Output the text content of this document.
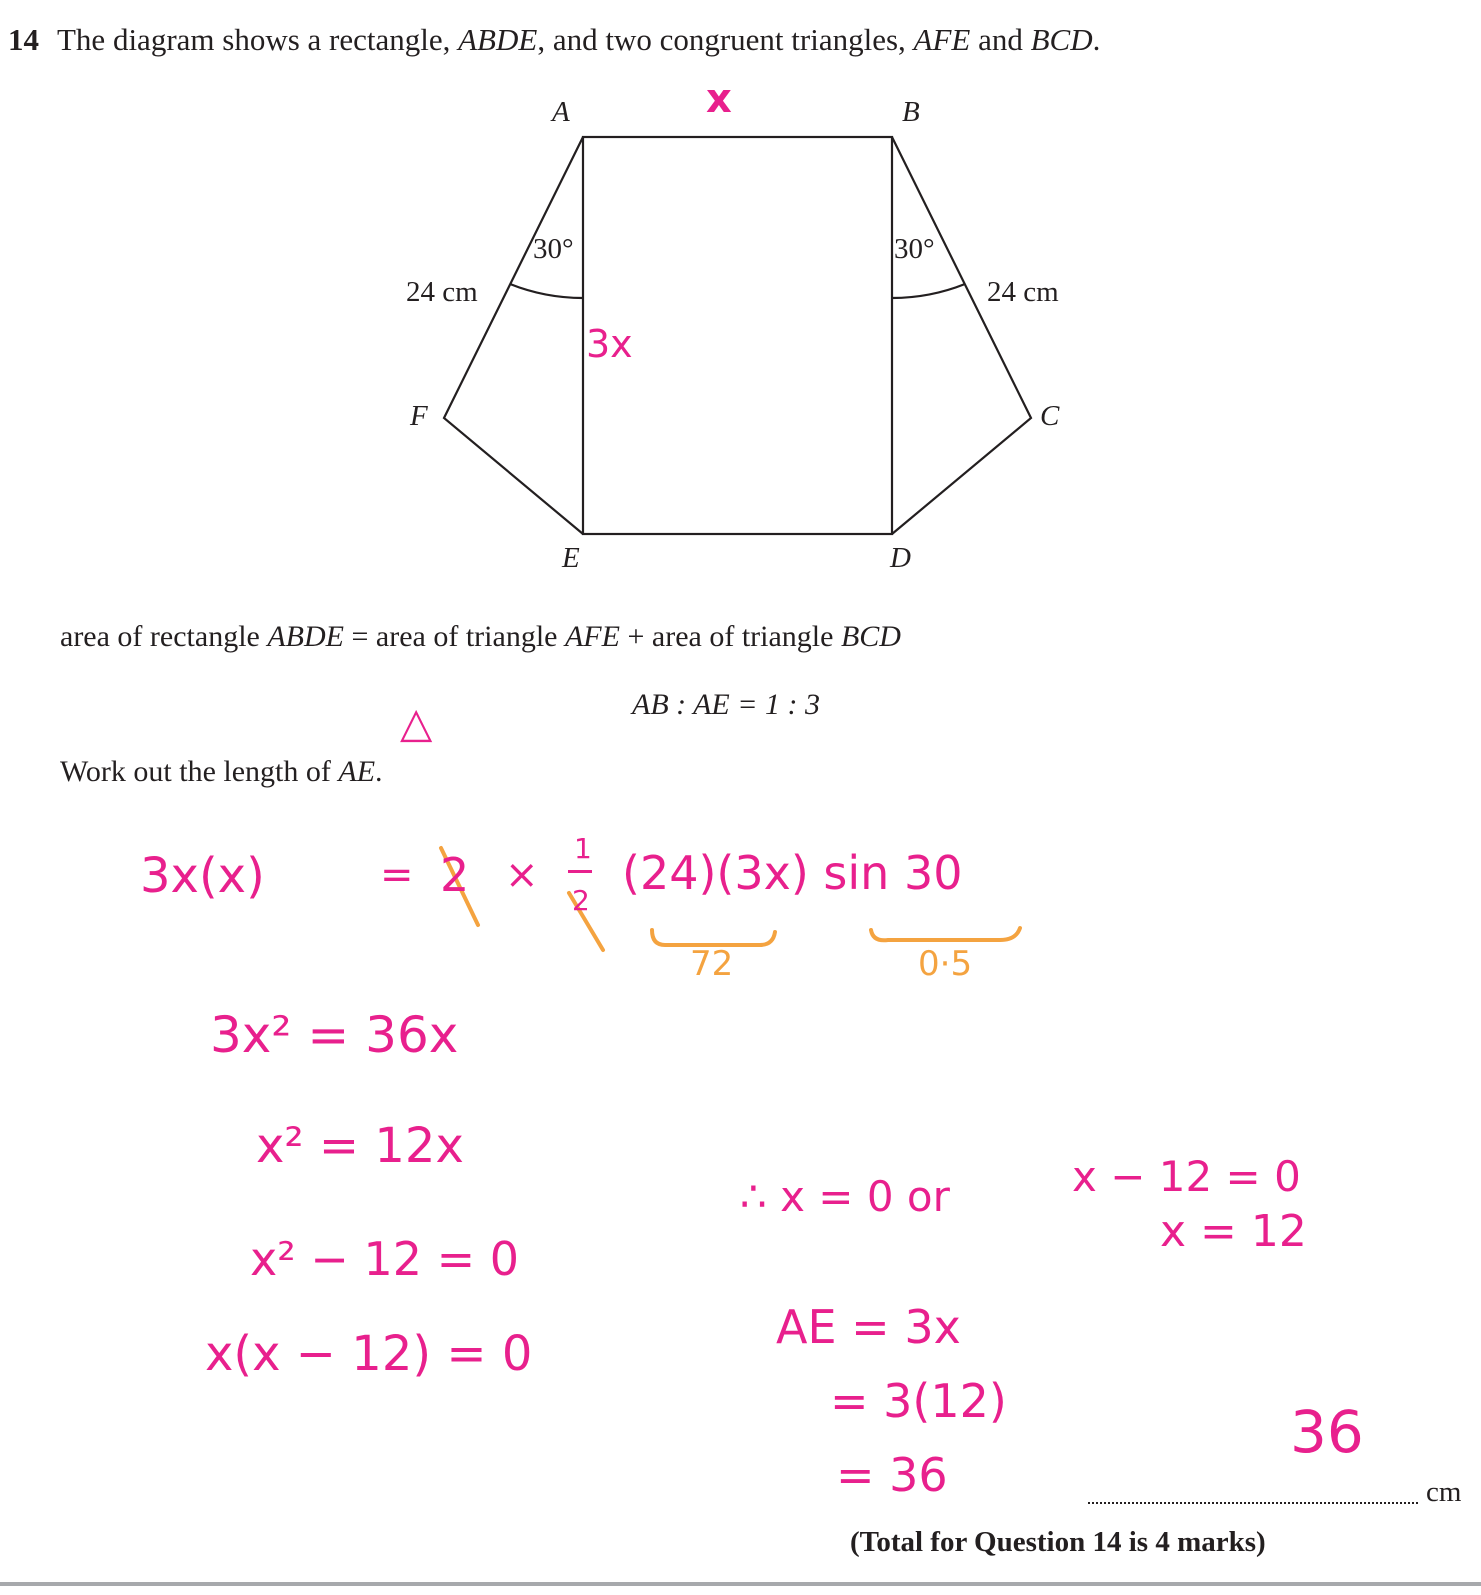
14 The diagram shows a rectangle, ABDE, and two congruent triangles, AFE and BCD.
A	B
C
D
E
F
30°	30°
24 cm	24 cm
x
3x
area of rectangle ABDE = area of triangle AFE + area of triangle BCD
AB : AE = 1 : 3
△
Work out the length of AE.
3x(x)	= 2 ×
1
2
(24)(3x) sin 30
72	0·5
3x² = 36x
x² = 12x
x² − 12 = 0
x(x − 12) = 0
∴ x = 0 or	x − 12 = 0
x = 12
AE = 3x
= 3(12)
= 36
36
cm
(Total for Question 14 is 4 marks)
